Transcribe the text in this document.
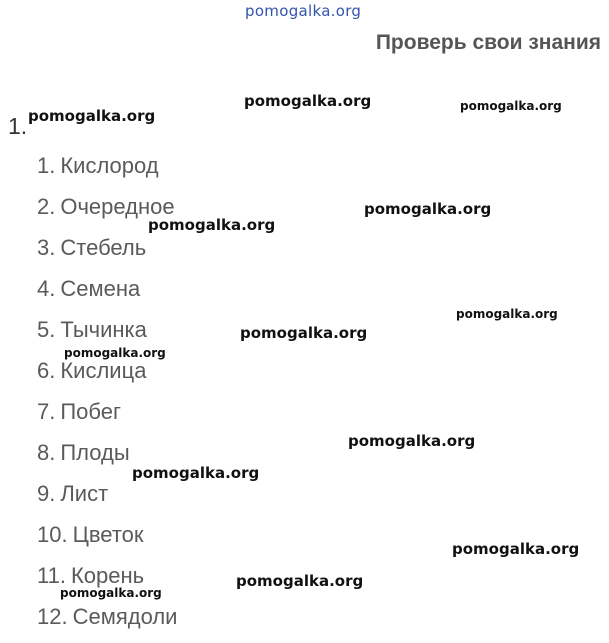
pomogalka.org
Проверь свои знания
1.
1. Кислород
2. Очередное
3. Стебель
4. Семена
5. Тычинка
6. Кислица
7. Побег
8. Плоды
9. Лист
10. Цветок
11. Корень
12. Семядоли
pomogalka.org
pomogalka.org	pomogalka.org
pomogalka.org
pomogalka.org
pomogalka.org
pomogalka.org
pomogalka.org
pomogalka.org
pomogalka.org
pomogalka.org
pomogalka.org
pomogalka.org
